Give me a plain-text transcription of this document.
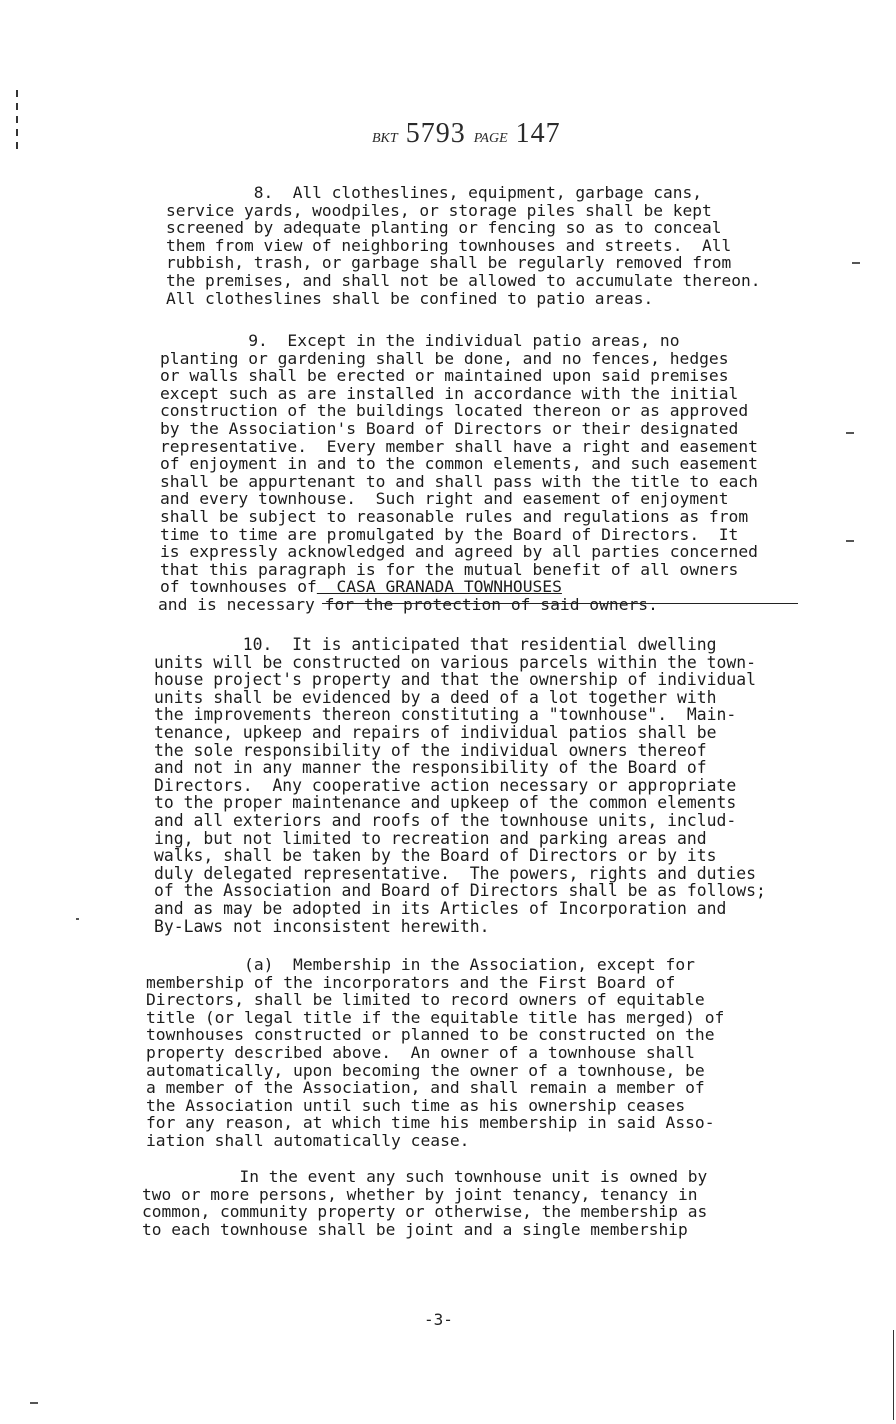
BKT 5793 PAGE 147
8.  All clotheslines, equipment, garbage cans,
service yards, woodpiles, or storage piles shall be kept
screened by adequate planting or fencing so as to conceal
them from view of neighboring townhouses and streets.  All
rubbish, trash, or garbage shall be regularly removed from
the premises, and shall not be allowed to accumulate thereon.
All clotheslines shall be confined to patio areas.
9.  Except in the individual patio areas, no
planting or gardening shall be done, and no fences, hedges
or walls shall be erected or maintained upon said premises
except such as are installed in accordance with the initial
construction of the buildings located thereon or as approved
by the Association's Board of Directors or their designated
representative.  Every member shall have a right and easement
of enjoyment in and to the common elements, and such easement
shall be appurtenant to and shall pass with the title to each
and every townhouse.  Such right and easement of enjoyment
shall be subject to reasonable rules and regulations as from
time to time are promulgated by the Board of Directors.  It
is expressly acknowledged and agreed by all parties concerned
that this paragraph is for the mutual benefit of all owners
of townhouses of  CASA GRANADA TOWNHOUSES
and is necessary for the protection of said owners.
10.  It is anticipated that residential dwelling
units will be constructed on various parcels within the town-
house project's property and that the ownership of individual
units shall be evidenced by a deed of a lot together with
the improvements thereon constituting a "townhouse".  Main-
tenance, upkeep and repairs of individual patios shall be
the sole responsibility of the individual owners thereof
and not in any manner the responsibility of the Board of
Directors.  Any cooperative action necessary or appropriate
to the proper maintenance and upkeep of the common elements
and all exteriors and roofs of the townhouse units, includ-
ing, but not limited to recreation and parking areas and
walks, shall be taken by the Board of Directors or by its
duly delegated representative.  The powers, rights and duties
of the Association and Board of Directors shall be as follows;
and as may be adopted in its Articles of Incorporation and
By-Laws not inconsistent herewith.
(a)  Membership in the Association, except for
membership of the incorporators and the First Board of
Directors, shall be limited to record owners of equitable
title (or legal title if the equitable title has merged) of
townhouses constructed or planned to be constructed on the
property described above.  An owner of a townhouse shall
automatically, upon becoming the owner of a townhouse, be
a member of the Association, and shall remain a member of
the Association until such time as his ownership ceases
for any reason, at which time his membership in said Asso-
iation shall automatically cease.
In the event any such townhouse unit is owned by
two or more persons, whether by joint tenancy, tenancy in
common, community property or otherwise, the membership as
to each townhouse shall be joint and a single membership
-3-
